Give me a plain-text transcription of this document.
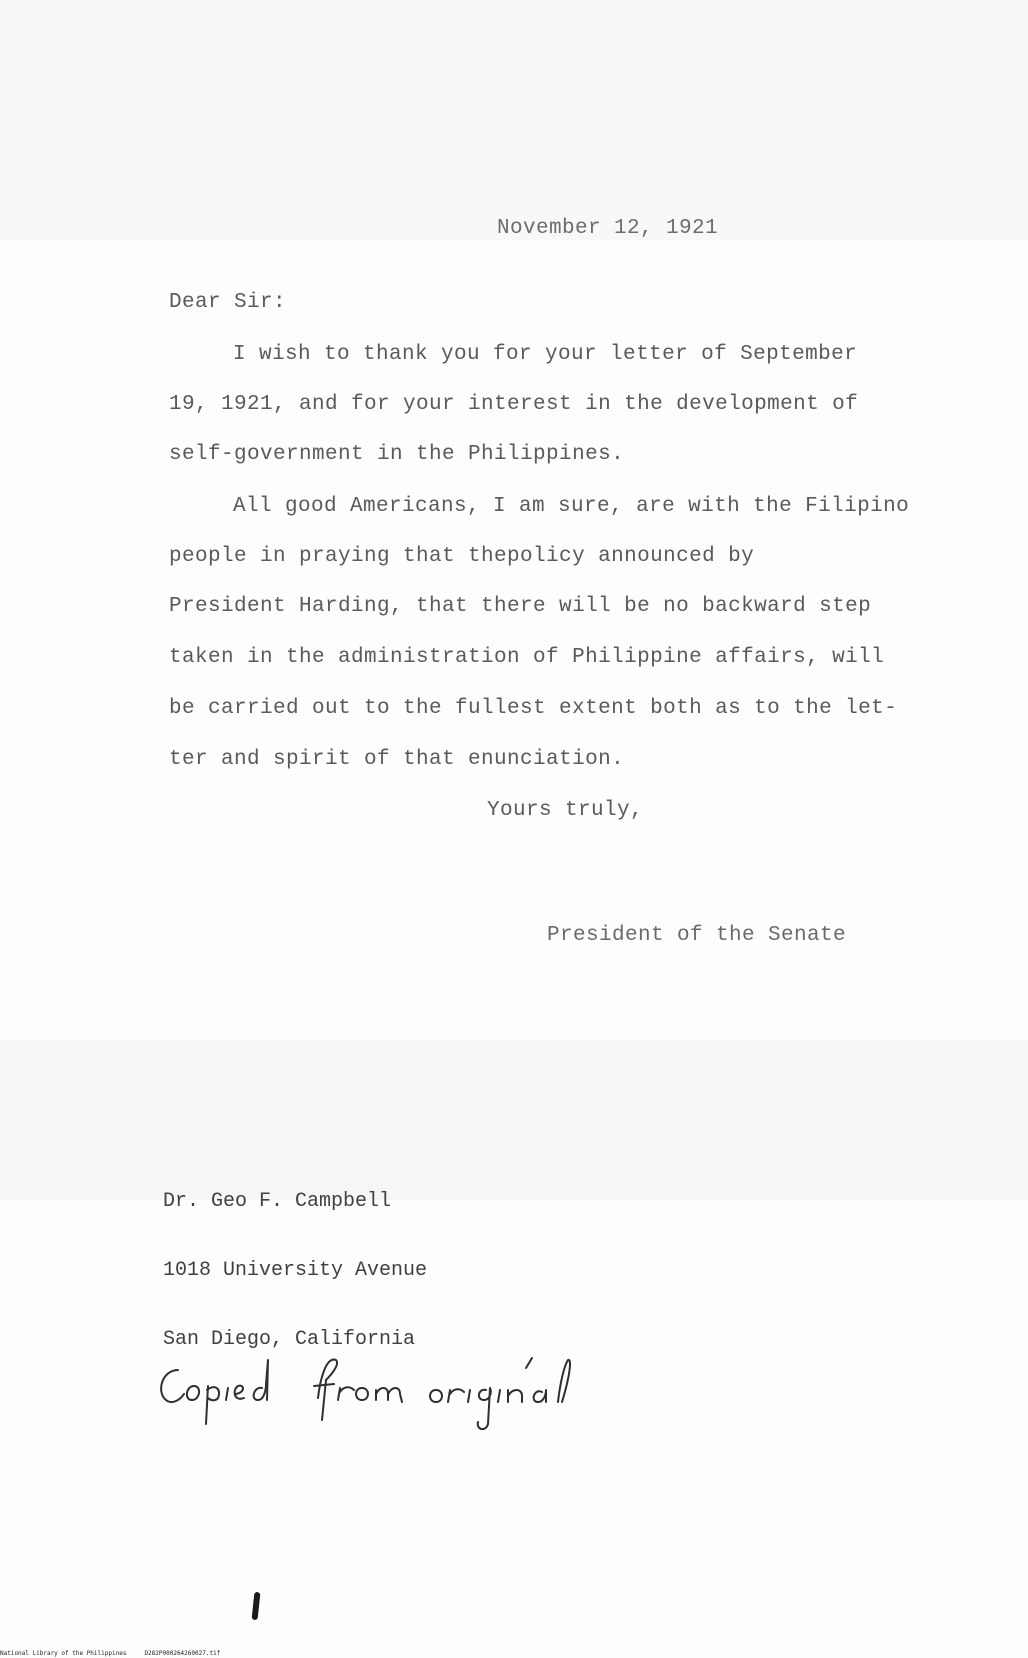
November 12, 1921

Dear Sir:

I wish to thank you for your letter of September

19, 1921, and for your interest in the development of

self-government in the Philippines.

All good Americans, I am sure, are with the Filipino

people in praying that thepolicy announced by

President Harding, that there will be no backward step

taken in the administration of Philippine affairs, will

be carried out to the fullest extent both as to the let-

ter and spirit of that enunciation.

Yours truly,

President of the Senate

Dr. Geo F. Campbell

1018 University Avenue

San Diego, California

National Library of the Philippines	D282P000264260027.tif
